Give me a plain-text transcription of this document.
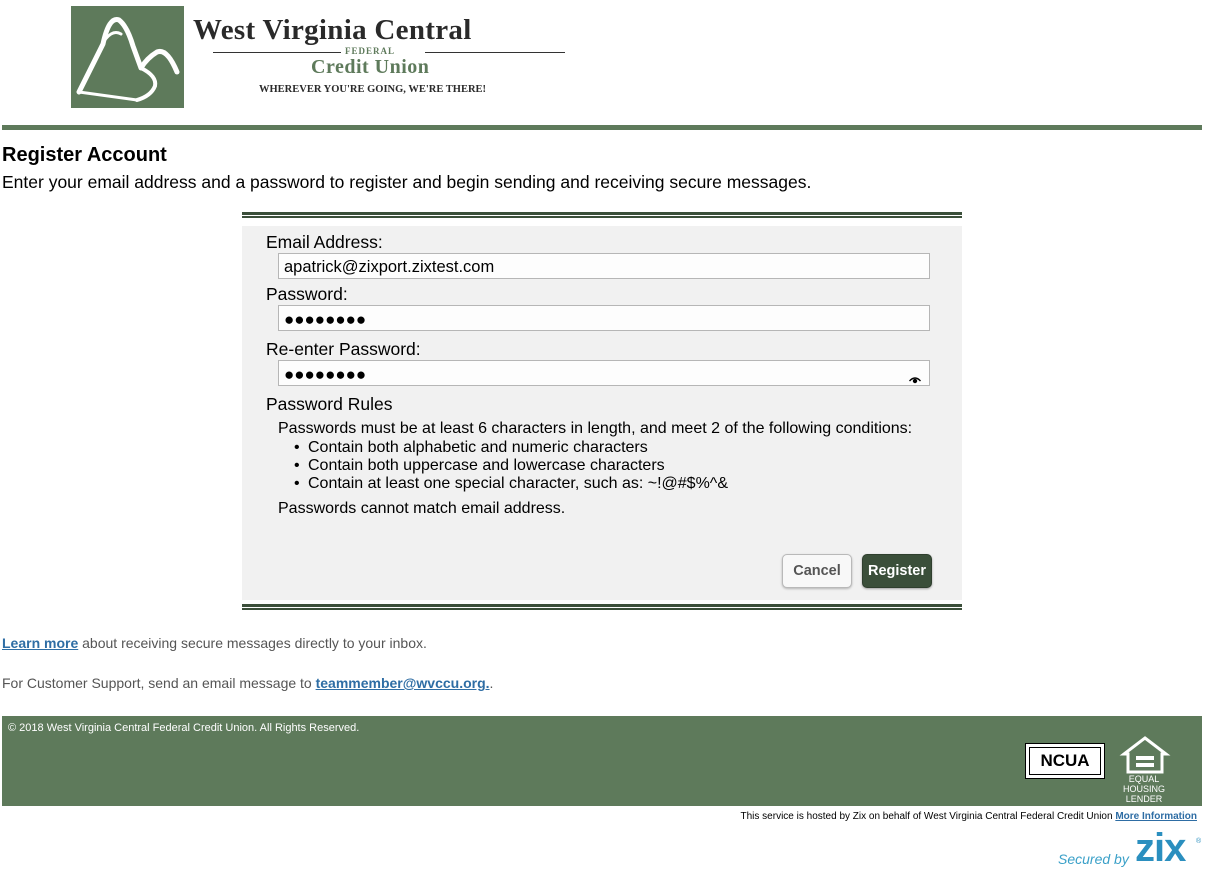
West Virginia Central
FEDERAL
Credit Union
WHEREVER YOU'RE GOING, WE'RE THERE!
Register Account
Enter your email address and a password to register and begin sending and receiving secure messages.
Email Address:
apatrick@zixport.zixtest.com
Password:
●●●●●●●●
Re-enter Password:
●●●●●●●●
Password Rules
Passwords must be at least 6 characters in length, and meet 2 of the following conditions:
• Contain both alphabetic and numeric characters
• Contain both uppercase and lowercase characters
• Contain at least one special character, such as: ~!@#$%^&
Passwords cannot match email address.
Cancel	Register
Learn more about receiving secure messages directly to your inbox.
For Customer Support, send an email message to teammember@wvccu.org..
© 2018 West Virginia Central Federal Credit Union. All Rights Reserved.
NCUA
EQUAL HOUSING LENDER
This service is hosted by Zix on behalf of West Virginia Central Federal Credit Union More Information
Secured by zix ®
